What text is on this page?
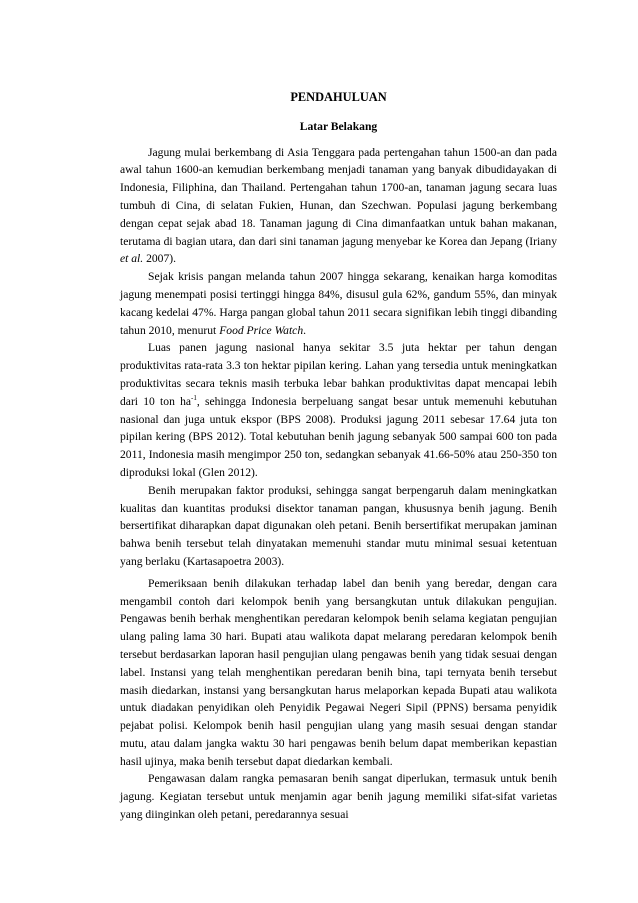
PENDAHULUAN
Latar Belakang

Jagung mulai berkembang di Asia Tenggara pada pertengahan tahun 1500-an dan pada awal tahun 1600-an kemudian berkembang menjadi tanaman yang banyak dibudidayakan di Indonesia, Filiphina, dan Thailand. Pertengahan tahun 1700-an, tanaman jagung secara luas tumbuh di Cina, di selatan Fukien, Hunan, dan Szechwan. Populasi jagung berkembang dengan cepat sejak abad 18. Tanaman jagung di Cina dimanfaatkan untuk bahan makanan, terutama di bagian utara, dan dari sini tanaman jagung menyebar ke Korea dan Jepang (Iriany et al. 2007).

Sejak krisis pangan melanda tahun 2007 hingga sekarang, kenaikan harga komoditas jagung menempati posisi tertinggi hingga 84%, disusul gula 62%, gandum 55%, dan minyak kacang kedelai 47%. Harga pangan global tahun 2011 secara signifikan lebih tinggi dibanding tahun 2010, menurut Food Price Watch.

Luas panen jagung nasional hanya sekitar 3.5 juta hektar per tahun dengan produktivitas rata-rata 3.3 ton hektar pipilan kering. Lahan yang tersedia untuk meningkatkan produktivitas secara teknis masih terbuka lebar bahkan produktivitas dapat mencapai lebih dari 10 ton $ha^{-1}$, sehingga Indonesia berpeluang sangat besar untuk memenuhi kebutuhan nasional dan juga untuk ekspor (BPS 2008). Produksi jagung 2011 sebesar 17.64 juta ton pipilan kering (BPS 2012). Total kebutuhan benih jagung sebanyak 500 sampai 600 ton pada 2011, Indonesia masih mengimpor 250 ton, sedangkan sebanyak 41.66-50% atau 250-350 ton diproduksi lokal (Glen 2012).

Benih merupakan faktor produksi, sehingga sangat berpengaruh dalam meningkatkan kualitas dan kuantitas produksi disektor tanaman pangan, khususnya benih jagung. Benih bersertifikat diharapkan dapat digunakan oleh petani. Benih bersertifikat merupakan jaminan bahwa benih tersebut telah dinyatakan memenuhi standar mutu minimal sesuai ketentuan yang berlaku (Kartasapoetra 2003).

Pemeriksaan benih dilakukan terhadap label dan benih yang beredar, dengan cara mengambil contoh dari kelompok benih yang bersangkutan untuk dilakukan pengujian. Pengawas benih berhak menghentikan peredaran kelompok benih selama kegiatan pengujian ulang paling lama 30 hari. Bupati atau walikota dapat melarang peredaran kelompok benih tersebut berdasarkan laporan hasil pengujian ulang pengawas benih yang tidak sesuai dengan label. Instansi yang telah menghentikan peredaran benih bina, tapi ternyata benih tersebut masih diedarkan, instansi yang bersangkutan harus melaporkan kepada Bupati atau walikota untuk diadakan penyidikan oleh Penyidik Pegawai Negeri Sipil (PPNS) bersama penyidik pejabat polisi. Kelompok benih hasil pengujian ulang yang masih sesuai dengan standar mutu, atau dalam jangka waktu 30 hari pengawas benih belum dapat memberikan kepastian hasil ujinya, maka benih tersebut dapat diedarkan kembali.

Pengawasan dalam rangka pemasaran benih sangat diperlukan, termasuk untuk benih jagung. Kegiatan tersebut untuk menjamin agar benih jagung memiliki sifat-sifat varietas yang diinginkan oleh petani, peredarannya sesuai
